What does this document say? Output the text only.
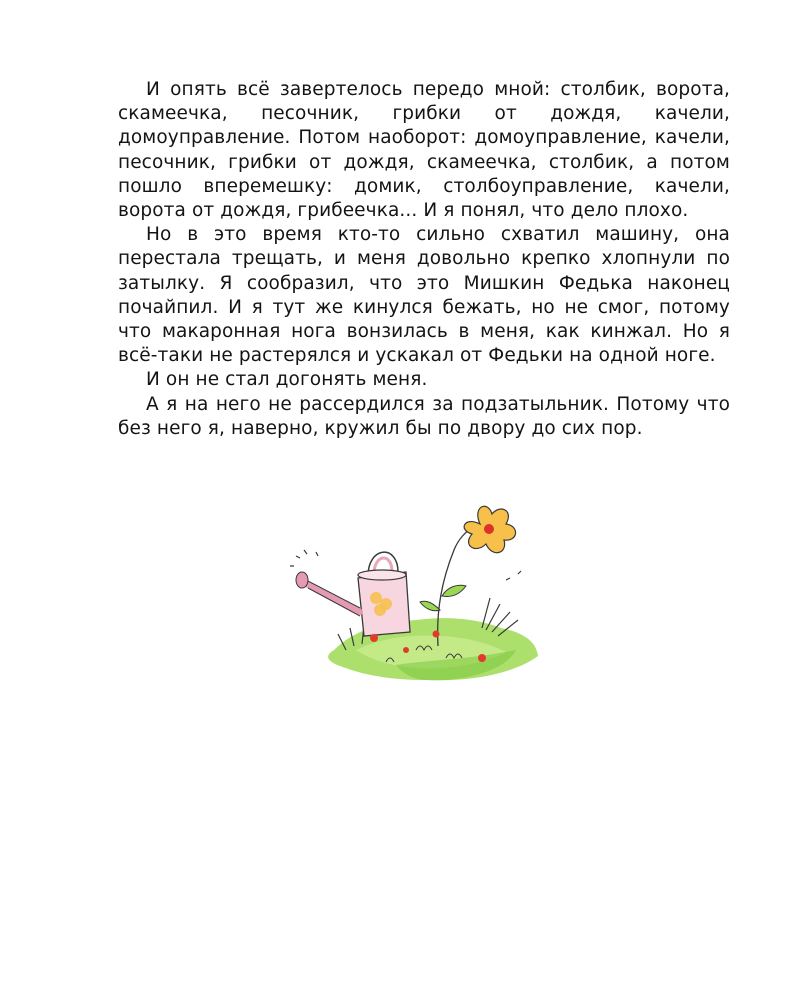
И опять всё завертелось передо мной: столбик, ворота, скамеечка, песочник, грибки от дождя, качели, домоуправление. Потом наоборот: домоуправление, качели, песочник, грибки от дождя, скамеечка, столбик, а потом пошло вперемешку: домик, столбоуправление, качели, ворота от дождя, грибеечка... И я понял, что дело плохо.

Но в это время кто-то сильно схватил машину, она перестала трещать, и меня довольно крепко хлопнули по затылку. Я сообразил, что это Мишкин Федька наконец почайпил. И я тут же кинулся бежать, но не смог, потому что макаронная нога вонзилась в меня, как кинжал. Но я всё-таки не растерялся и ускакал от Федьки на одной ноге.

И он не стал догонять меня.

А я на него не рассердился за подзатыльник. Потому что без него я, наверно, кружил бы по двору до сих пор.
